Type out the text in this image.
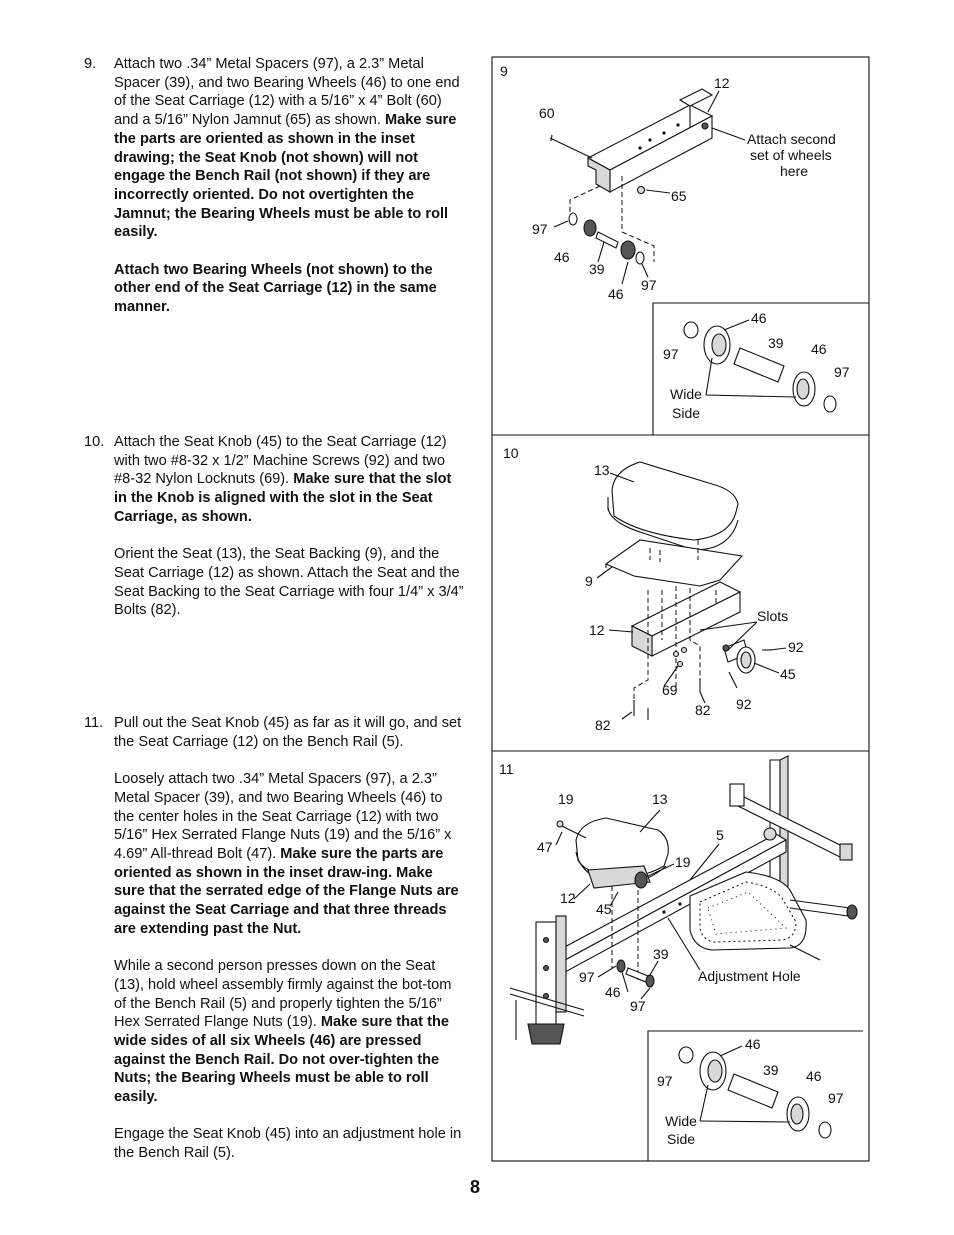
9. Attach two .34” Metal Spacers (97), a 2.3” Metal Spacer (39), and two Bearing Wheels (46) to one end of the Seat Carriage (12) with a 5/16” x 4” Bolt (60) and a 5/16” Nylon Jamnut (65) as shown. Make sure the parts are oriented as shown in the inset drawing; the Seat Knob (not shown) will not engage the Bench Rail (not shown) if they are incorrectly oriented. Do not overtighten the Jamnut; the Bearing Wheels must be able to roll easily.

Attach two Bearing Wheels (not shown) to the other end of the Seat Carriage (12) in the same manner.

10. Attach the Seat Knob (45) to the Seat Carriage (12) with two #8-32 x 1/2” Machine Screws (92) and two #8-32 Nylon Locknuts (69). Make sure that the slot in the Knob is aligned with the slot in the Seat Carriage, as shown.

Orient the Seat (13), the Seat Backing (9), and the Seat Carriage (12) as shown. Attach the Seat and the Seat Backing to the Seat Carriage with four 1/4” x 3/4” Bolts (82).

11. Pull out the Seat Knob (45) as far as it will go, and set the Seat Carriage (12) on the Bench Rail (5).

Loosely attach two .34” Metal Spacers (97), a 2.3” Metal Spacer (39), and two Bearing Wheels (46) to the center holes in the Seat Carriage (12) with two 5/16” Hex Serrated Flange Nuts (19) and the 5/16” x 4.69” All-thread Bolt (47). Make sure the parts are oriented as shown in the inset draw-ing. Make sure that the serrated edge of the Flange Nuts are against the Seat Carriage and that three threads are extending past the Nut.

While a second person presses down on the Seat (13), hold wheel assembly firmly against the bot-tom of the Bench Rail (5) and properly tighten the 5/16” Hex Serrated Flange Nuts (19). Make sure that the wide sides of all six Wheels (46) are pressed against the Bench Rail. Do not over-tighten the Nuts; the Bearing Wheels must be able to roll easily.

Engage the Seat Knob (45) into an adjustment hole in the Bench Rail (5).

8
9
12
60
Attach second
set of wheels
here
65
97
46
39
46
97
46
39 46
97
97
Wide
Side
10
13
9
12
Slots
92
45
69
82 92
82
11
19	13
47
5
19
12
45
39
97
46
97
Adjustment Hole
46
39 46
97
97
Wide
Side
